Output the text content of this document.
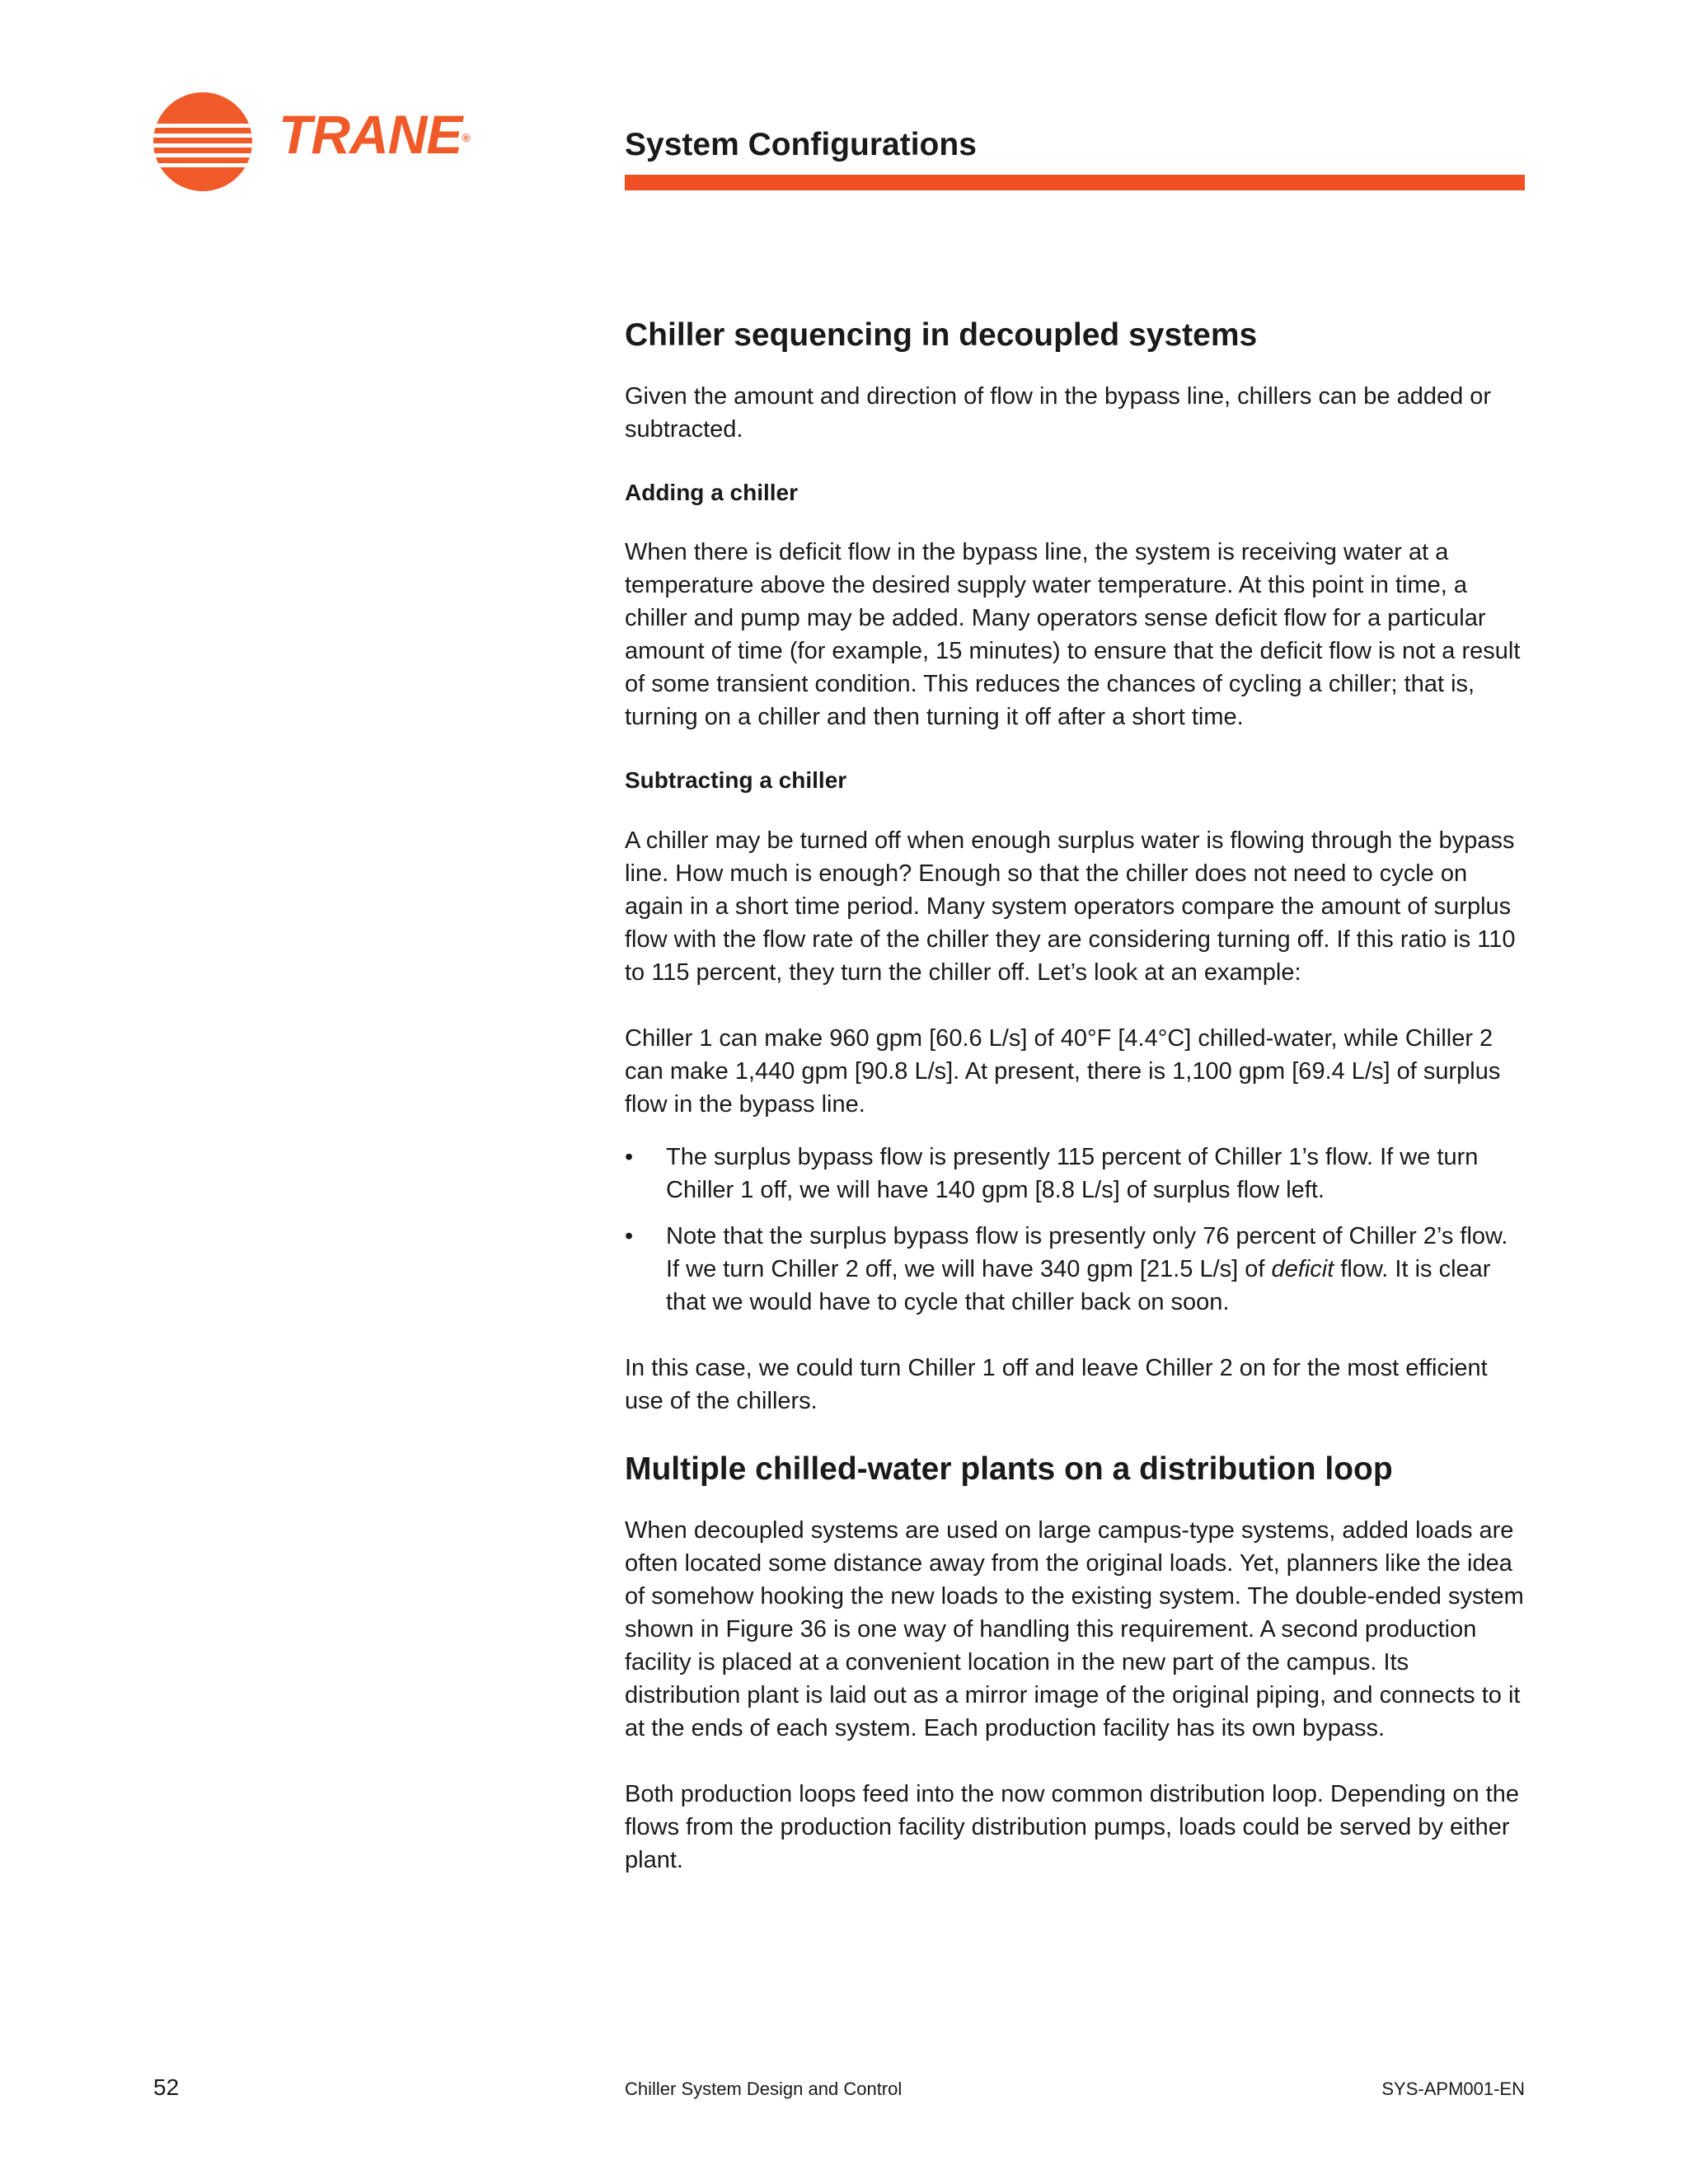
TRANE®	System Configurations
Chiller sequencing in decoupled systems

Given the amount and direction of flow in the bypass line, chillers can be added or subtracted.

Adding a chiller

When there is deficit flow in the bypass line, the system is receiving water at a temperature above the desired supply water temperature. At this point in time, a chiller and pump may be added. Many operators sense deficit flow for a particular amount of time (for example, 15 minutes) to ensure that the deficit flow is not a result of some transient condition. This reduces the chances of cycling a chiller; that is, turning on a chiller and then turning it off after a short time.

Subtracting a chiller

A chiller may be turned off when enough surplus water is flowing through the bypass line. How much is enough? Enough so that the chiller does not need to cycle on again in a short time period. Many system operators compare the amount of surplus flow with the flow rate of the chiller they are considering turning off. If this ratio is 110 to 115 percent, they turn the chiller off. Let’s look at an example:

Chiller 1 can make 960 gpm [60.6 L/s] of 40°F [4.4°C] chilled-water, while Chiller 2 can make 1,440 gpm [90.8 L/s]. At present, there is 1,100 gpm [69.4 L/s] of surplus flow in the bypass line.

• The surplus bypass flow is presently 115 percent of Chiller 1’s flow. If we turn Chiller 1 off, we will have 140 gpm [8.8 L/s] of surplus flow left.
• Note that the surplus bypass flow is presently only 76 percent of Chiller 2’s flow. If we turn Chiller 2 off, we will have 340 gpm [21.5 L/s] of deficit flow. It is clear that we would have to cycle that chiller back on soon.

In this case, we could turn Chiller 1 off and leave Chiller 2 on for the most efficient use of the chillers.

Multiple chilled-water plants on a distribution loop

When decoupled systems are used on large campus-type systems, added loads are often located some distance away from the original loads. Yet, planners like the idea of somehow hooking the new loads to the existing system. The double-ended system shown in Figure 36 is one way of handling this requirement. A second production facility is placed at a convenient location in the new part of the campus. Its distribution plant is laid out as a mirror image of the original piping, and connects to it at the ends of each system. Each production facility has its own bypass.

Both production loops feed into the now common distribution loop. Depending on the flows from the production facility distribution pumps, loads could be served by either plant.

52	Chiller System Design and Control	SYS-APM001-EN
